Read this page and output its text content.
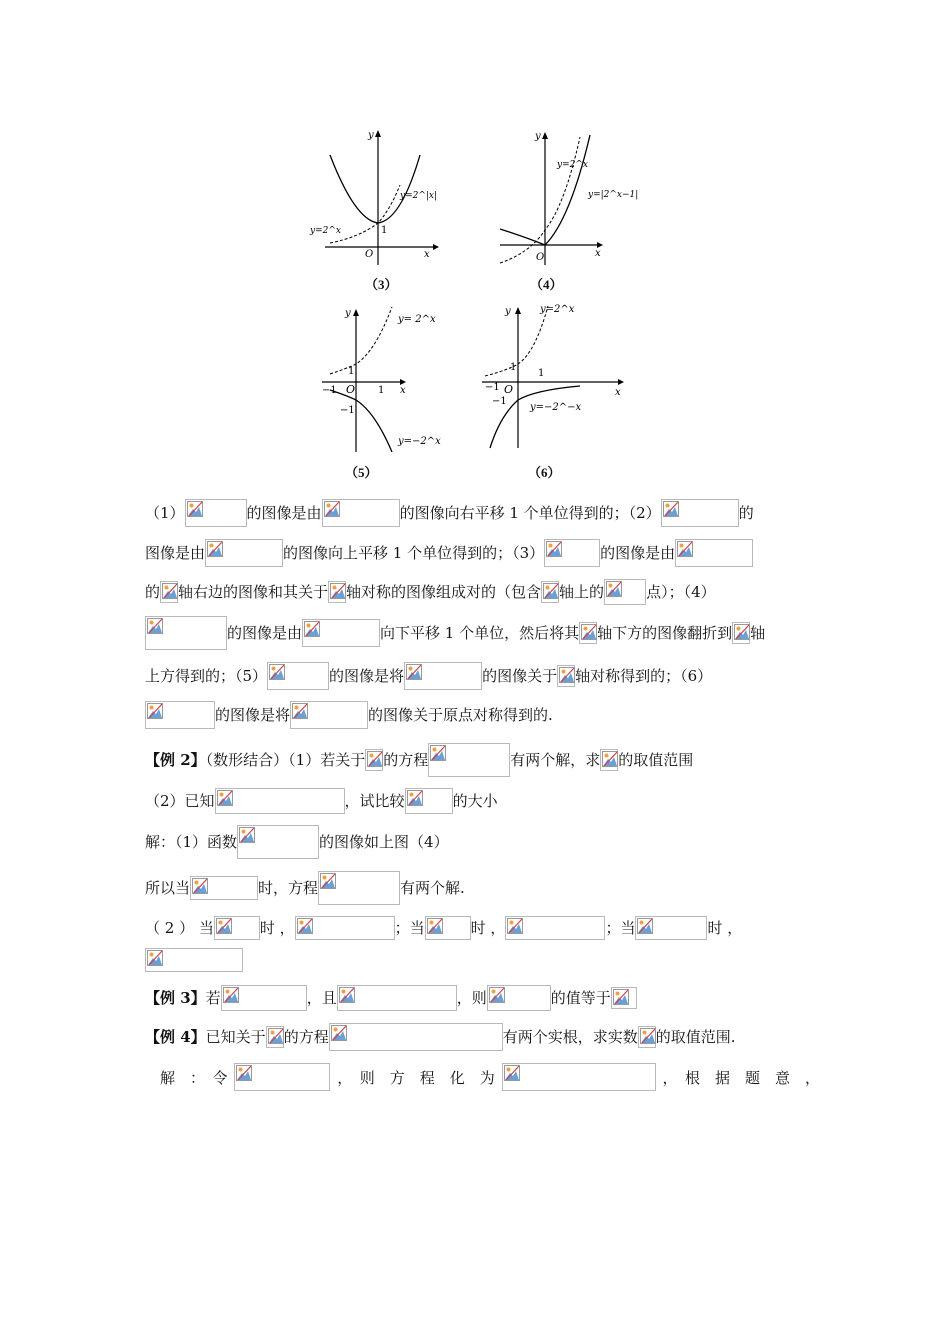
y
x
O
1
y=2^|x|
y=2^x
（3）
y
x
O
y=2^x
y=|2^x−1|
（4）
y
x
O
1
1
−1
−1
y= 2^x
y=−2^x
（5）
y
x
O
1
1
−1
−1
y=2^x
y=−2^−x
（6）
（1）	的图像是由	的图像向右平移 1 个单位得到的；（2）	的
图像是由	的图像向上平移 1 个单位得到的；（3）	的图像是由
的 轴右边的图像和其关于 轴对称的图像组成对的（包含 轴上的	点）；（4）
的图像是由	向下平移 1 个单位，然后将其 轴下方的图像翻折到 轴
上方得到的；（5）	的图像是将	的图像关于 轴对称得到的；（6）
的图像是将	的图像关于原点对称得到的.
【例 2】（数形结合）（1）若关于 的方程	有两个解，求 的取值范围
（2）已知	，试比较	的大小
解：（1）函数	的图像如上图（4）
所以当	时，方程	有两个解.
（ 2 ） 当	时 ，	；当	时 ，	；当	时 ，
【例 3】若	，且	，则	的值等于
【例 4】已知关于 的方程	有两个实根，求实数 的取值范围.
解　：　令	，　则　方　程　化　为	，　根　据　题　意　，
